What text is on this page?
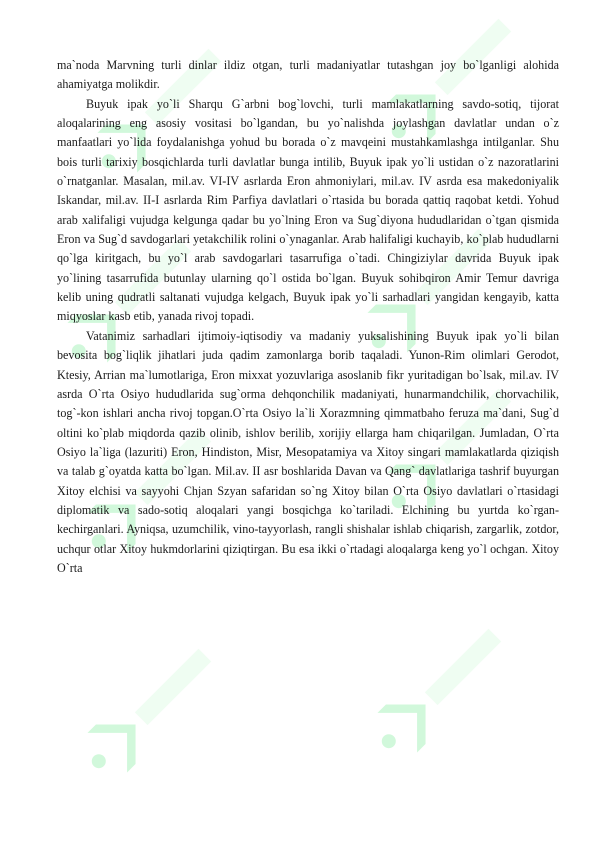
ma`noda Marvning turli dinlar ildiz otgan, turli madaniyatlar tutashgan joy bo`lganligi alohida ahamiyatga molikdir.

Buyuk ipak yo`li Sharqu G`arbni bog`lovchi, turli mamlakatlarning savdo-sotiq, tijorat aloqalarining eng asosiy vositasi bo`lgandan, bu yo`nalishda joylashgan davlatlar undan o`z manfaatlari yo`lida foydalanishga yohud bu borada o`z mavqeini mustahkamlashga intilganlar. Shu bois turli tarixiy bosqichlarda turli davlatlar bunga intilib, Buyuk ipak yo`li ustidan o`z nazoratlarini o`rnatganlar. Masalan, mil.av. VI-IV asrlarda Eron ahmoniylari, mil.av. IV asrda esa makedoniyalik Iskandar, mil.av. II-I asrlarda Rim Parfiya davlatlari o`rtasida bu borada qattiq raqobat ketdi. Yohud arab xalifaligi vujudga kelgunga qadar bu yo`lning Eron va Sug`diyona hududlaridan o`tgan qismida Eron va Sug`d savdogarlari yetakchilik rolini o`ynaganlar. Arab halifaligi kuchayib, ko`plab hududlarni qo`lga kiritgach, bu yo`l arab savdogarlari tasarrufiga o`tadi. Chingiziylar davrida Buyuk ipak yo`lining tasarrufida butunlay ularning qo`l ostida bo`lgan. Buyuk sohibqiron Amir Temur davriga kelib uning qudratli saltanati vujudga kelgach, Buyuk ipak yo`li sarhadlari yangidan kengayib, katta miqyoslar kasb etib, yanada rivoj topadi.

Vatanimiz sarhadlari ijtimoiy-iqtisodiy va madaniy yuksalishining Buyuk ipak yo`li bilan bevosita bog`liqlik jihatlari juda qadim zamonlarga borib taqaladi. Yunon-Rim olimlari Gerodot, Ktesiy, Arrian ma`lumotlariga, Eron mixxat yozuvlariga asoslanib fikr yuritadigan bo`lsak, mil.av. IV asrda O`rta Osiyo hududlarida sug`orma dehqonchilik madaniyati, hunarmandchilik, chorvachilik, tog`-kon ishlari ancha rivoj topgan.O`rta Osiyo la`li Xorazmning qimmatbaho feruza ma`dani, Sug`d oltini ko`plab miqdorda qazib olinib, ishlov berilib, xorijiy ellarga ham chiqarilgan. Jumladan, O`rta Osiyo la`liga (lazuriti) Eron, Hindiston, Misr, Mesopatamiya va Xitoy singari mamlakatlarda qiziqish va talab g`oyatda katta bo`lgan. Mil.av. II asr boshlarida Davan va Qang` davlatlariga tashrif buyurgan Xitoy elchisi va sayyohi Chjan Szyan safaridan so`ng Xitoy bilan O`rta Osiyo davlatlari o`rtasidagi diplomatik va sado-sotiq aloqalari yangi bosqichga ko`tariladi. Elchining bu yurtda ko`rgan-kechirganlari. Ayniqsa, uzumchilik, vino-tayyorlash, rangli shishalar ishlab chiqarish, zargarlik, zotdor, uchqur otlar Xitoy hukmdorlarini qiziqtirgan. Bu esa ikki o`rtadagi aloqalarga keng yo`l ochgan. Xitoy O`rta
